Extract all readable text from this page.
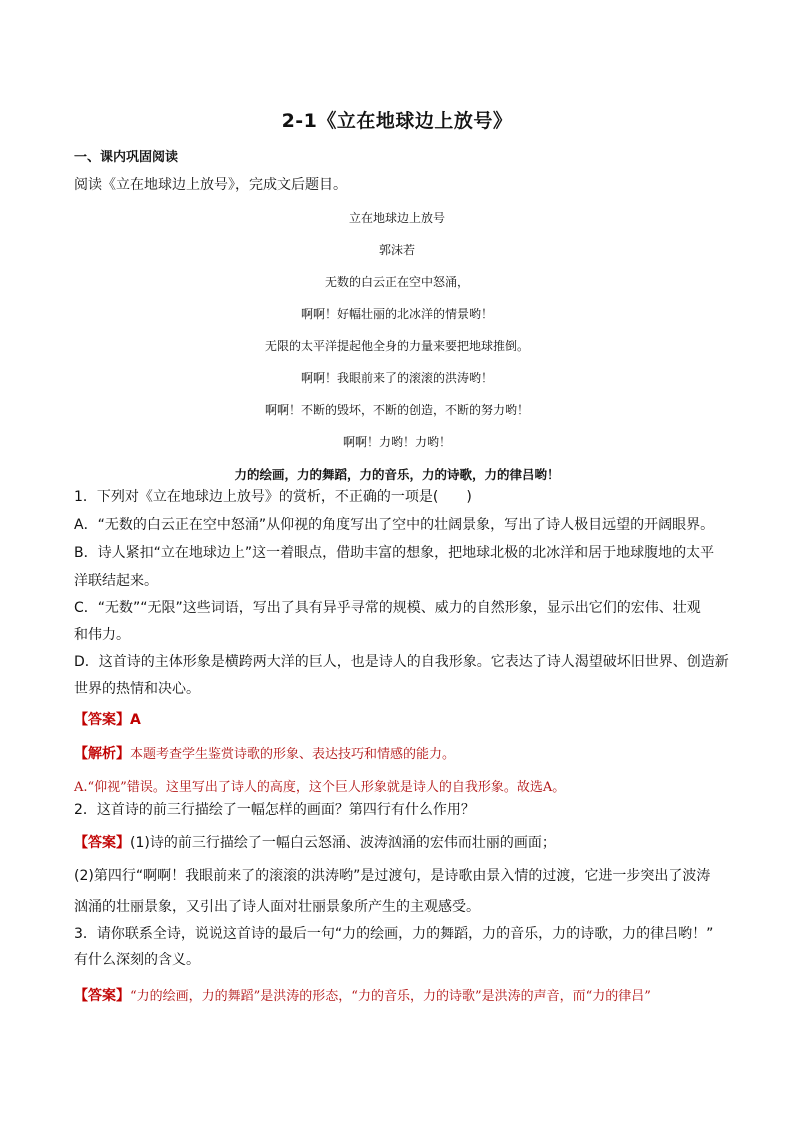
2-1《立在地球边上放号》
一、课内巩固阅读
阅读《立在地球边上放号》，完成文后题目。
立在地球边上放号
郭沫若
无数的白云正在空中怒涌，
啊啊！好幅壮丽的北冰洋的情景哟！
无限的太平洋提起他全身的力量来要把地球推倒。
啊啊！我眼前来了的滚滚的洪涛哟！
啊啊！不断的毁坏，不断的创造，不断的努力哟！
啊啊！力哟！力哟！
力的绘画，力的舞蹈，力的音乐，力的诗歌，力的律吕哟！
1．下列对《立在地球边上放号》的赏析，不正确的一项是(　　)
A．“无数的白云正在空中怒涌”从仰视的角度写出了空中的壮阔景象，写出了诗人极目远望的开阔眼界。
B．诗人紧扣“立在地球边上”这一着眼点，借助丰富的想象，把地球北极的北冰洋和居于地球腹地的太平
洋联结起来。
C．“无数”“无限”这些词语，写出了具有异乎寻常的规模、威力的自然形象，显示出它们的宏伟、壮观
和伟力。
D．这首诗的主体形象是横跨两大洋的巨人，也是诗人的自我形象。它表达了诗人渴望破坏旧世界、创造新
世界的热情和决心。
【答案】A
【解析】本题考查学生鉴赏诗歌的形象、表达技巧和情感的能力。
A.“仰视”错误。这里写出了诗人的高度，这个巨人形象就是诗人的自我形象。故选A。
2．这首诗的前三行描绘了一幅怎样的画面？第四行有什么作用？
【答案】(1)诗的前三行描绘了一幅白云怒涌、波涛汹涌的宏伟而壮丽的画面；
(2)第四行“啊啊！我眼前来了的滚滚的洪涛哟”是过渡句，是诗歌由景入情的过渡，它进一步突出了波涛
汹涌的壮丽景象，又引出了诗人面对壮丽景象所产生的主观感受。
3．请你联系全诗，说说这首诗的最后一句“力的绘画，力的舞蹈，力的音乐，力的诗歌，力的律吕哟！”
有什么深刻的含义。
【答案】“力的绘画，力的舞蹈”是洪涛的形态，“力的音乐，力的诗歌”是洪涛的声音，而“力的律吕”
